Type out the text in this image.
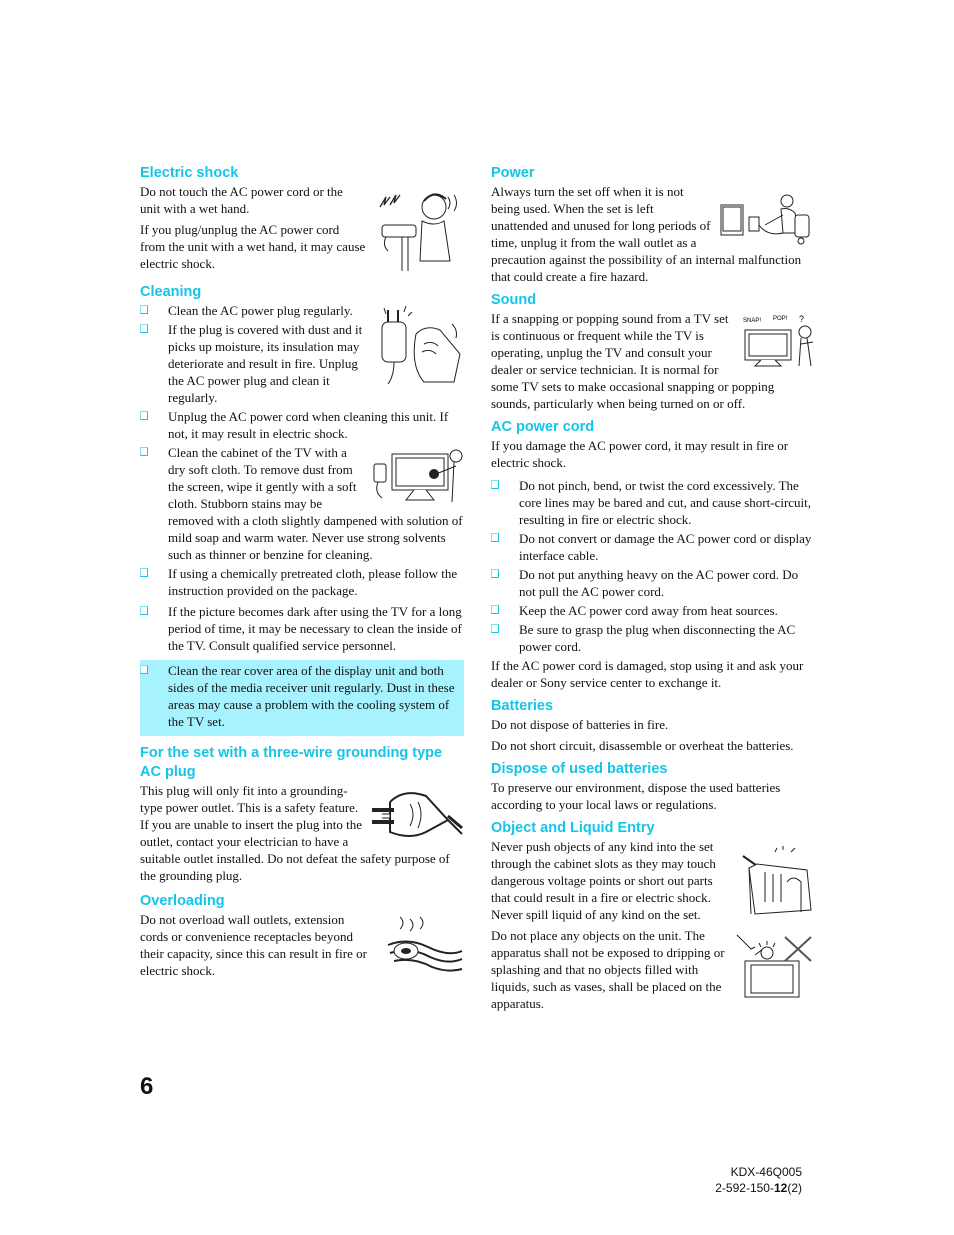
Electric shock

Do not touch the AC power cord or the unit with a wet hand.

If you plug/unplug the AC power cord from the unit with a wet hand, it may cause electric shock.

Cleaning
Clean the AC power plug regularly.
If the plug is covered with dust and it picks up moisture, its insulation may deteriorate and result in fire. Unplug the AC power plug and clean it regularly.
Unplug the AC power cord when cleaning this unit. If not, it may result in electric shock.
Clean the cabinet of the TV with a dry soft cloth. To remove dust from the screen, wipe it gently with a soft cloth. Stubborn stains may be removed with a cloth slightly dampened with solution of mild soap and warm water. Never use strong solvents such as thinner or benzine for cleaning.
If using a chemically pretreated cloth, please follow the instruction provided on the package.
If the picture becomes dark after using the TV for a long period of time, it may be necessary to clean the inside of the TV. Consult qualified service personnel.
Clean the rear cover area of the display unit and both sides of the media receiver unit regularly. Dust in these areas may cause a problem with the cooling system of the TV set.
For the set with a three-wire grounding type AC plug

This plug will only fit into a grounding-type power outlet. This is a safety feature. If you are unable to insert the plug into the outlet, contact your electrician to have a suitable outlet installed. Do not defeat the safety purpose of the grounding plug.

Overloading

Do not overload wall outlets, extension cords or convenience receptacles beyond their capacity, since this can result in fire or electric shock.

Power

Always turn the set off when it is not being used. When the set is left unattended and unused for long periods of time, unplug it from the wall outlet as a precaution against the possibility of an internal malfunction that could create a fire hazard.

Sound
SNAP! POP! ?

If a snapping or popping sound from a TV set is continuous or frequent while the TV is operating, unplug the TV and consult your dealer or service technician. It is normal for some TV sets to make occasional snapping or popping sounds, particularly when being turned on or off.

AC power cord

If you damage the AC power cord, it may result in fire or electric shock.

Do not pinch, bend, or twist the cord excessively. The core lines may be bared and cut, and cause short-circuit, resulting in fire or electric shock.
Do not convert or damage the AC power cord or display interface cable.
Do not put anything heavy on the AC power cord. Do not pull the AC power cord.
Keep the AC power cord away from heat sources.
Be sure to grasp the plug when disconnecting the AC power cord.

If the AC power cord is damaged, stop using it and ask your dealer or Sony service center to exchange it.

Batteries

Do not dispose of batteries in fire.

Do not short circuit, disassemble or overheat the batteries.

Dispose of used batteries

To preserve our environment, dispose the used batteries according to your local laws or regulations.

Object and Liquid Entry

Never push objects of any kind into the set through the cabinet slots as they may touch dangerous voltage points or short out parts that could result in a fire or electric shock. Never spill liquid of any kind on the set.

Do not place any objects on the unit. The apparatus shall not be exposed to dripping or splashing and that no objects filled with liquids, such as vases, shall be placed on the apparatus.

6
KDX-46Q005
2-592-150-12(2)
